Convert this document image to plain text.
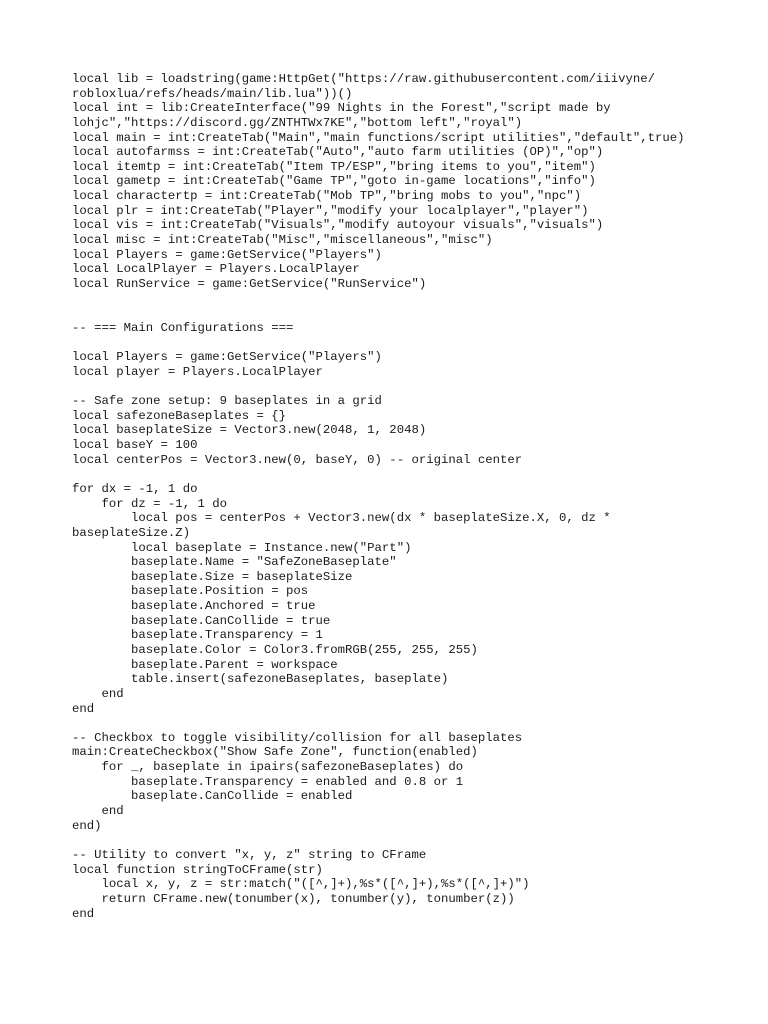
local lib = loadstring(game:HttpGet("https://raw.githubusercontent.com/iiivyne/
robloxlua/refs/heads/main/lib.lua"))()
local int = lib:CreateInterface("99 Nights in the Forest","script made by
lohjc","https://discord.gg/ZNTHTWx7KE","bottom left","royal")
local main = int:CreateTab("Main","main functions/script utilities","default",true)
local autofarmss = int:CreateTab("Auto","auto farm utilities (OP)","op")
local itemtp = int:CreateTab("Item TP/ESP","bring items to you","item")
local gametp = int:CreateTab("Game TP","goto in-game locations","info")
local charactertp = int:CreateTab("Mob TP","bring mobs to you","npc")
local plr = int:CreateTab("Player","modify your localplayer","player")
local vis = int:CreateTab("Visuals","modify autoyour visuals","visuals")
local misc = int:CreateTab("Misc","miscellaneous","misc")
local Players = game:GetService("Players")
local LocalPlayer = Players.LocalPlayer
local RunService = game:GetService("RunService")
-- === Main Configurations ===
local Players = game:GetService("Players")
local player = Players.LocalPlayer
-- Safe zone setup: 9 baseplates in a grid
local safezoneBaseplates = {}
local baseplateSize = Vector3.new(2048, 1, 2048)
local baseY = 100
local centerPos = Vector3.new(0, baseY, 0) -- original center
for dx = -1, 1 do
for dz = -1, 1 do
local pos = centerPos + Vector3.new(dx * baseplateSize.X, 0, dz *
baseplateSize.Z)
local baseplate = Instance.new("Part")
baseplate.Name = "SafeZoneBaseplate"
baseplate.Size = baseplateSize
baseplate.Position = pos
baseplate.Anchored = true
baseplate.CanCollide = true
baseplate.Transparency = 1
baseplate.Color = Color3.fromRGB(255, 255, 255)
baseplate.Parent = workspace
table.insert(safezoneBaseplates, baseplate)
end
end
-- Checkbox to toggle visibility/collision for all baseplates
main:CreateCheckbox("Show Safe Zone", function(enabled)
for _, baseplate in ipairs(safezoneBaseplates) do
baseplate.Transparency = enabled and 0.8 or 1
baseplate.CanCollide = enabled
end
end)
-- Utility to convert "x, y, z" string to CFrame
local function stringToCFrame(str)
local x, y, z = str:match("([^,]+),%s*([^,]+),%s*([^,]+)")
return CFrame.new(tonumber(x), tonumber(y), tonumber(z))
end
